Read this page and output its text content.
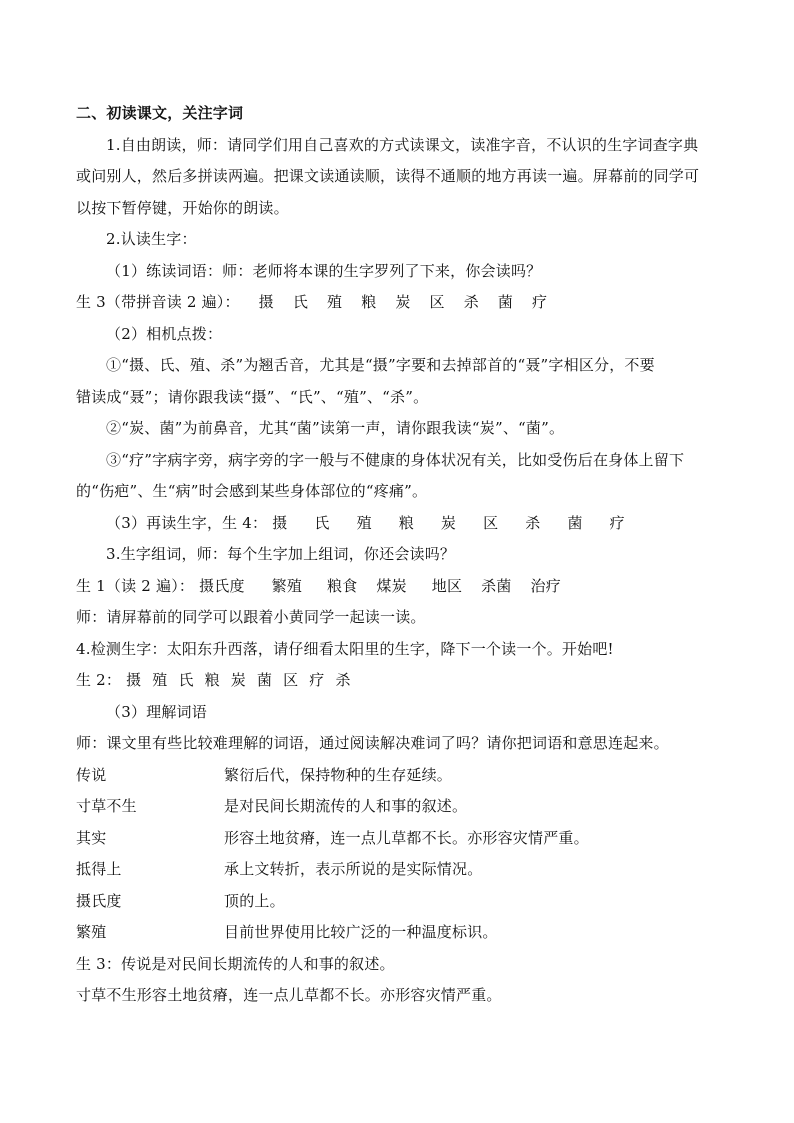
二、初读课文，关注字词
1.自由朗读，师：请同学们用自己喜欢的方式读课文，读准字音，不认识的生字词查字典
或问别人，然后多拼读两遍。把课文读通读顺，读得不通顺的地方再读一遍。屏幕前的同学可
以按下暂停键，开始你的朗读。
2.认读生字：
（1）练读词语：师：老师将本课的生字罗列了下来，你会读吗？
生 3（带拼音读 2 遍）： 摄 氏 殖 粮 炭 区 杀 菌 疗
（2）相机点拨：
①“摄、氏、殖、杀”为翘舌音，尤其是“摄”字要和去掉部首的“聂”字相区分，不要
错读成“聂”；请你跟我读“摄”、“氏”、“殖”、“杀”。
②“炭、菌”为前鼻音，尤其“菌”读第一声，请你跟我读“炭”、“菌”。
③“疗”字病字旁，病字旁的字一般与不健康的身体状况有关，比如受伤后在身体上留下
的“伤疤”、生“病”时会感到某些身体部位的“疼痛”。
（3）再读生字，生 4： 摄 氏 殖 粮 炭 区 杀 菌 疗
3.生字组词，师：每个生字加上组词，你还会读吗？
生 1（读 2 遍）： 摄氏度 繁殖 粮食 煤炭 地区 杀菌 治疗
师：请屏幕前的同学可以跟着小黄同学一起读一读。
4.检测生字：太阳东升西落，请仔细看太阳里的生字，降下一个读一个。开始吧!
生 2： 摄 殖 氏 粮 炭 菌 区 疗 杀
（3）理解词语
师：课文里有些比较难理解的词语，通过阅读解决难词了吗？请你把词语和意思连起来。
传说	繁衍后代，保持物种的生存延续。
寸草不生	是对民间长期流传的人和事的叙述。
其实	形容土地贫瘠，连一点儿草都不长。亦形容灾情严重。
抵得上	承上文转折，表示所说的是实际情况。
摄氏度	顶的上。
繁殖	目前世界使用比较广泛的一种温度标识。
生 3：传说是对民间长期流传的人和事的叙述。
寸草不生形容土地贫瘠，连一点儿草都不长。亦形容灾情严重。
